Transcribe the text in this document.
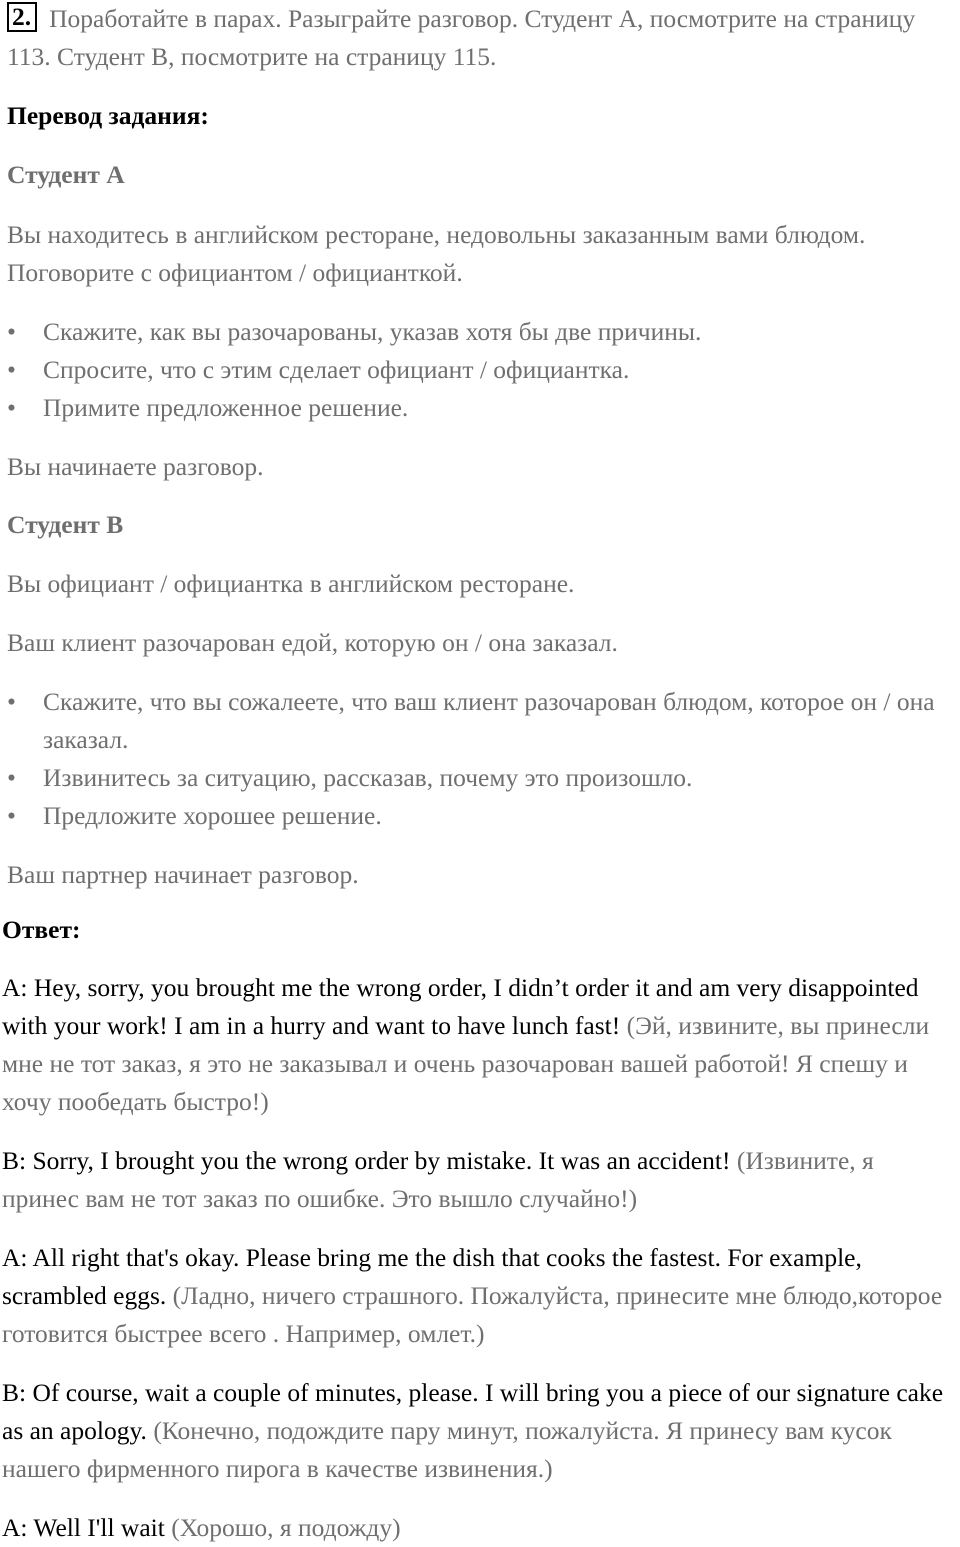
2. Поработайте в парах. Разыграйте разговор. Студент А, посмотрите на страницу 113. Студент В, посмотрите на страницу 115.

Перевод задания:

Студент А

Вы находитесь в английском ресторане, недовольны заказанным вами блюдом. Поговорите с официантом / официанткой.

• Скажите, как вы разочарованы, указав хотя бы две причины.
• Спросите, что с этим сделает официант / официантка.
• Примите предложенное решение.

Вы начинаете разговор.

Студент В

Вы официант / официантка в английском ресторане.

Ваш клиент разочарован едой, которую он / она заказал.

• Скажите, что вы сожалеете, что ваш клиент разочарован блюдом, которое он / она заказал.
• Извинитесь за ситуацию, рассказав, почему это произошло.
• Предложите хорошее решение.

Ваш партнер начинает разговор.

Ответ:

A: Hey, sorry, you brought me the wrong order, I didn’t order it and am very disappointed with your work! I am in a hurry and want to have lunch fast! (Эй, извините, вы принесли мне не тот заказ, я это не заказывал и очень разочарован вашей работой! Я спешу и хочу пообедать быстро!)

B: Sorry, I brought you the wrong order by mistake. It was an accident! (Извините, я принес вам не тот заказ по ошибке. Это вышло случайно!)

A: All right that's okay. Please bring me the dish that cooks the fastest. For example, scrambled eggs. (Ладно, ничего страшного. Пожалуйста, принесите мне блюдо,которое готовится быстрее всего . Например, омлет.)

B: Of course, wait a couple of minutes, please. I will bring you a piece of our signature cake as an apology. (Конечно, подождите пару минут, пожалуйста. Я принесу вам кусок нашего фирменного пирога в качестве извинения.)

A: Well I'll wait (Хорошо, я подожду)
